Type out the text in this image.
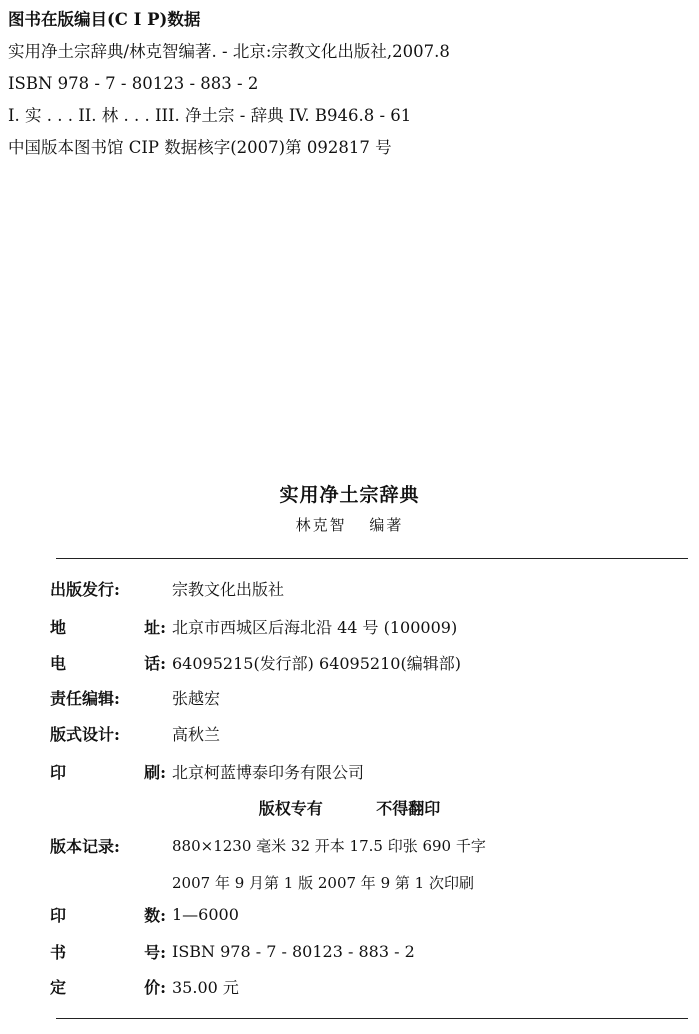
图书在版编目(C I P)数据
实用净土宗辞典/林克智编著. - 北京:宗教文化出版社,2007.8
ISBN 978 - 7 - 80123 - 883 - 2
I. 实 . . . II. 林 . . . III. 净土宗 - 辞典 IV. B946.8 - 61
中国版本图书馆 CIP 数据核字(2007)第 092817 号
实用净土宗辞典
林克智 编著
出版发行:	宗教文化出版社
地	址: 北京市西城区后海北沿 44 号 (100009)
电	话: 64095215(发行部) 64095210(编辑部)
责任编辑:	张越宏
版式设计:	高秋兰
印	刷: 北京柯蓝博泰印务有限公司
版权专有	不得翻印
版本记录:	880×1230 毫米 32 开本 17.5 印张 690 千字
2007 年 9 月第 1 版 2007 年 9 第 1 次印刷
印	数: 1—6000
书	号: ISBN 978 - 7 - 80123 - 883 - 2
定	价: 35.00 元
